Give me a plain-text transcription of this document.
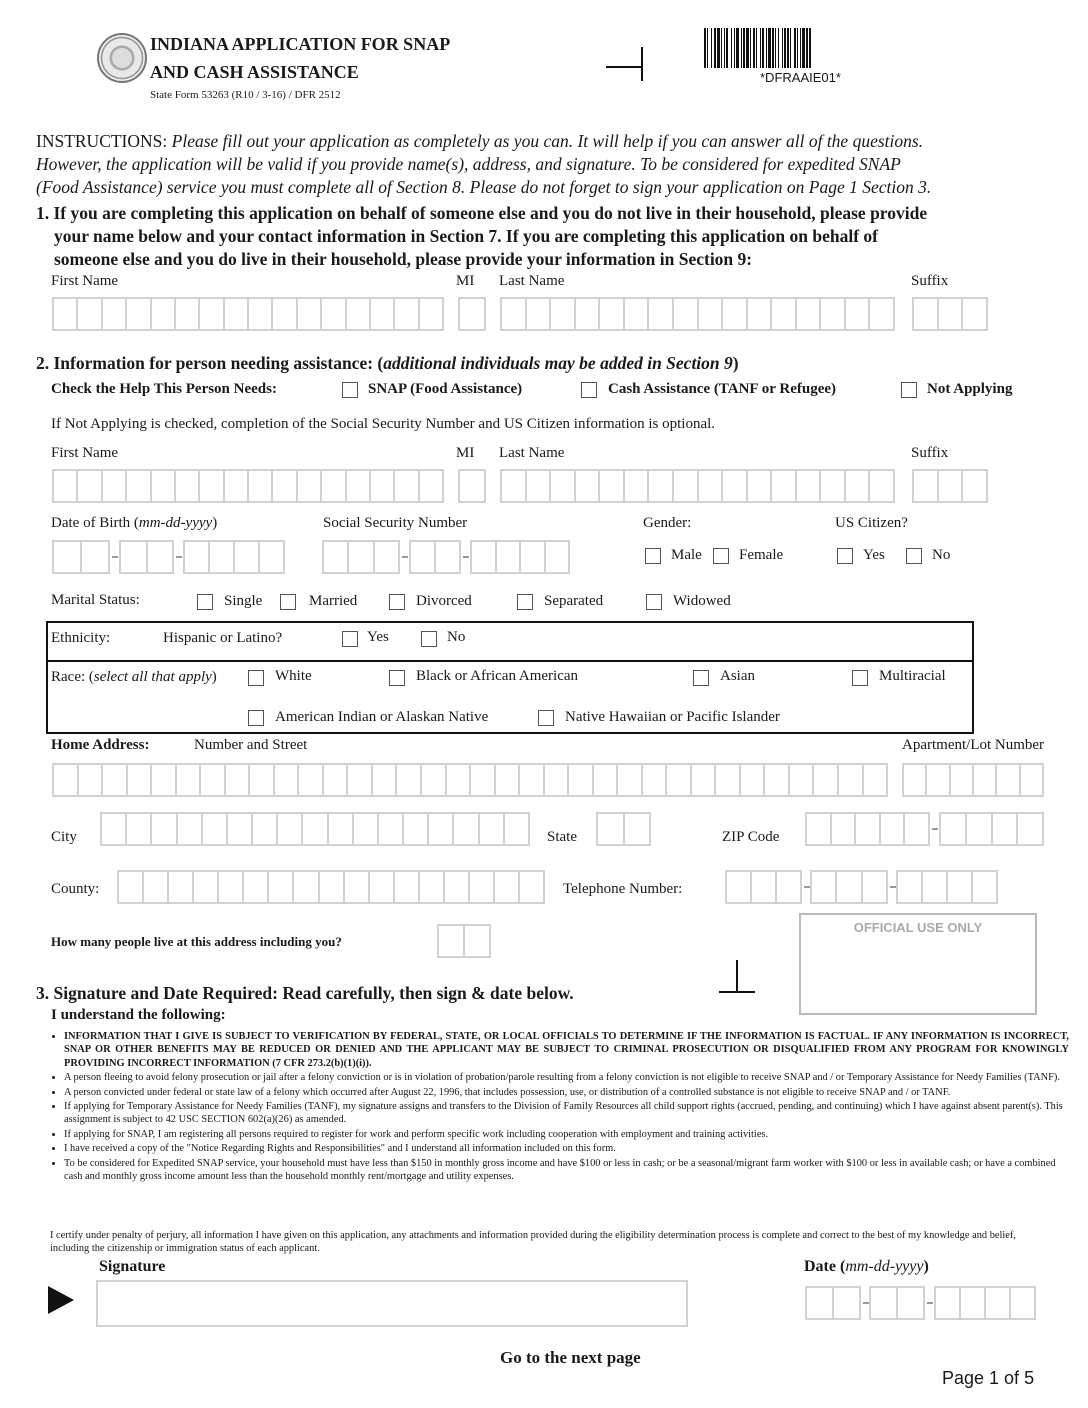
INDIANA APPLICATION FOR SNAP
AND CASH ASSISTANCE
State Form 53263 (R10 / 3-16) / DFR 2512
*DFRAAIE01*
INSTRUCTIONS: Please fill out your application as completely as you can. It will help if you can answer all of the questions.
However, the application will be valid if you provide name(s), address, and signature. To be considered for expedited SNAP
(Food Assistance) service you must complete all of Section 8. Please do not forget to sign your application on Page 1 Section 3.
1. If you are completing this application on behalf of someone else and you do not live in their household, please provide
your name below and your contact information in Section 7. If you are completing this application on behalf of
someone else and you do live in their household, please provide your information in Section 9:
First Name	MI Last Name	Suffix
2. Information for person needing assistance: (additional individuals may be added in Section 9)
Check the Help This Person Needs:	SNAP (Food Assistance)	Cash Assistance (TANF or Refugee)	Not Applying
If Not Applying is checked, completion of the Social Security Number and US Citizen information is optional.
First Name	MI Last Name	Suffix
Date of Birth (mm-dd-yyyy)	Social Security Number	Gender:	US Citizen?
Male Female	Yes	No
Marital Status:	Single	Married	Divorced	Separated	Widowed
Ethnicity:	Hispanic or Latino?	Yes	No
Race: (select all that apply)	White	Black or African American	Asian	Multiracial
American Indian or Alaskan Native	Native Hawaiian or Pacific Islander
Home Address:	Number and Street	Apartment/Lot Number
City	State	ZIP Code
County:	Telephone Number:
How many people live at this address including you?
OFFICIAL USE ONLY
3. Signature and Date Required: Read carefully, then sign & date below.
I understand the following:
• INFORMATION THAT I GIVE IS SUBJECT TO VERIFICATION BY FEDERAL, STATE, OR LOCAL OFFICIALS TO DETERMINE IF THE INFORMATION IS FACTUAL. IF ANY INFORMATION IS INCORRECT, SNAP OR OTHER BENEFITS MAY BE REDUCED OR DENIED AND THE APPLICANT MAY BE SUBJECT TO CRIMINAL PROSECUTION OR DISQUALIFIED FROM ANY PROGRAM FOR KNOWINGLY PROVIDING INCORRECT INFORMATION (7 CFR 273.2(b)(1)(i)).
• A person fleeing to avoid felony prosecution or jail after a felony conviction or is in violation of probation/parole resulting from a felony conviction is not eligible to receive SNAP and / or Temporary Assistance for Needy Families (TANF).
• A person convicted under federal or state law of a felony which occurred after August 22, 1996, that includes possession, use, or distribution of a controlled substance is not eligible to receive SNAP and / or TANF.
• If applying for Temporary Assistance for Needy Families (TANF), my signature assigns and transfers to the Division of Family Resources all child support rights (accrued, pending, and continuing) which I have against absent parent(s). This assignment is subject to 42 USC SECTION 602(a)(26) as amended.
• If applying for SNAP, I am registering all persons required to register for work and perform specific work including cooperation with employment and training activities.
• I have received a copy of the "Notice Regarding Rights and Responsibilities" and I understand all information included on this form.
• To be considered for Expedited SNAP service, your household must have less than $150 in monthly gross income and have $100 or less in cash; or be a seasonal/migrant farm worker with $100 or less in available cash; or have a combined cash and monthly gross income amount less than the household monthly rent/mortgage and utility expenses.
I certify under penalty of perjury, all information I have given on this application, any attachments and information provided during the eligibility determination process is complete and correct to the best of my knowledge and belief, including the citizenship or immigration status of each applicant.
Signature	Date (mm-dd-yyyy)
Go to the next page
Page 1 of 5
